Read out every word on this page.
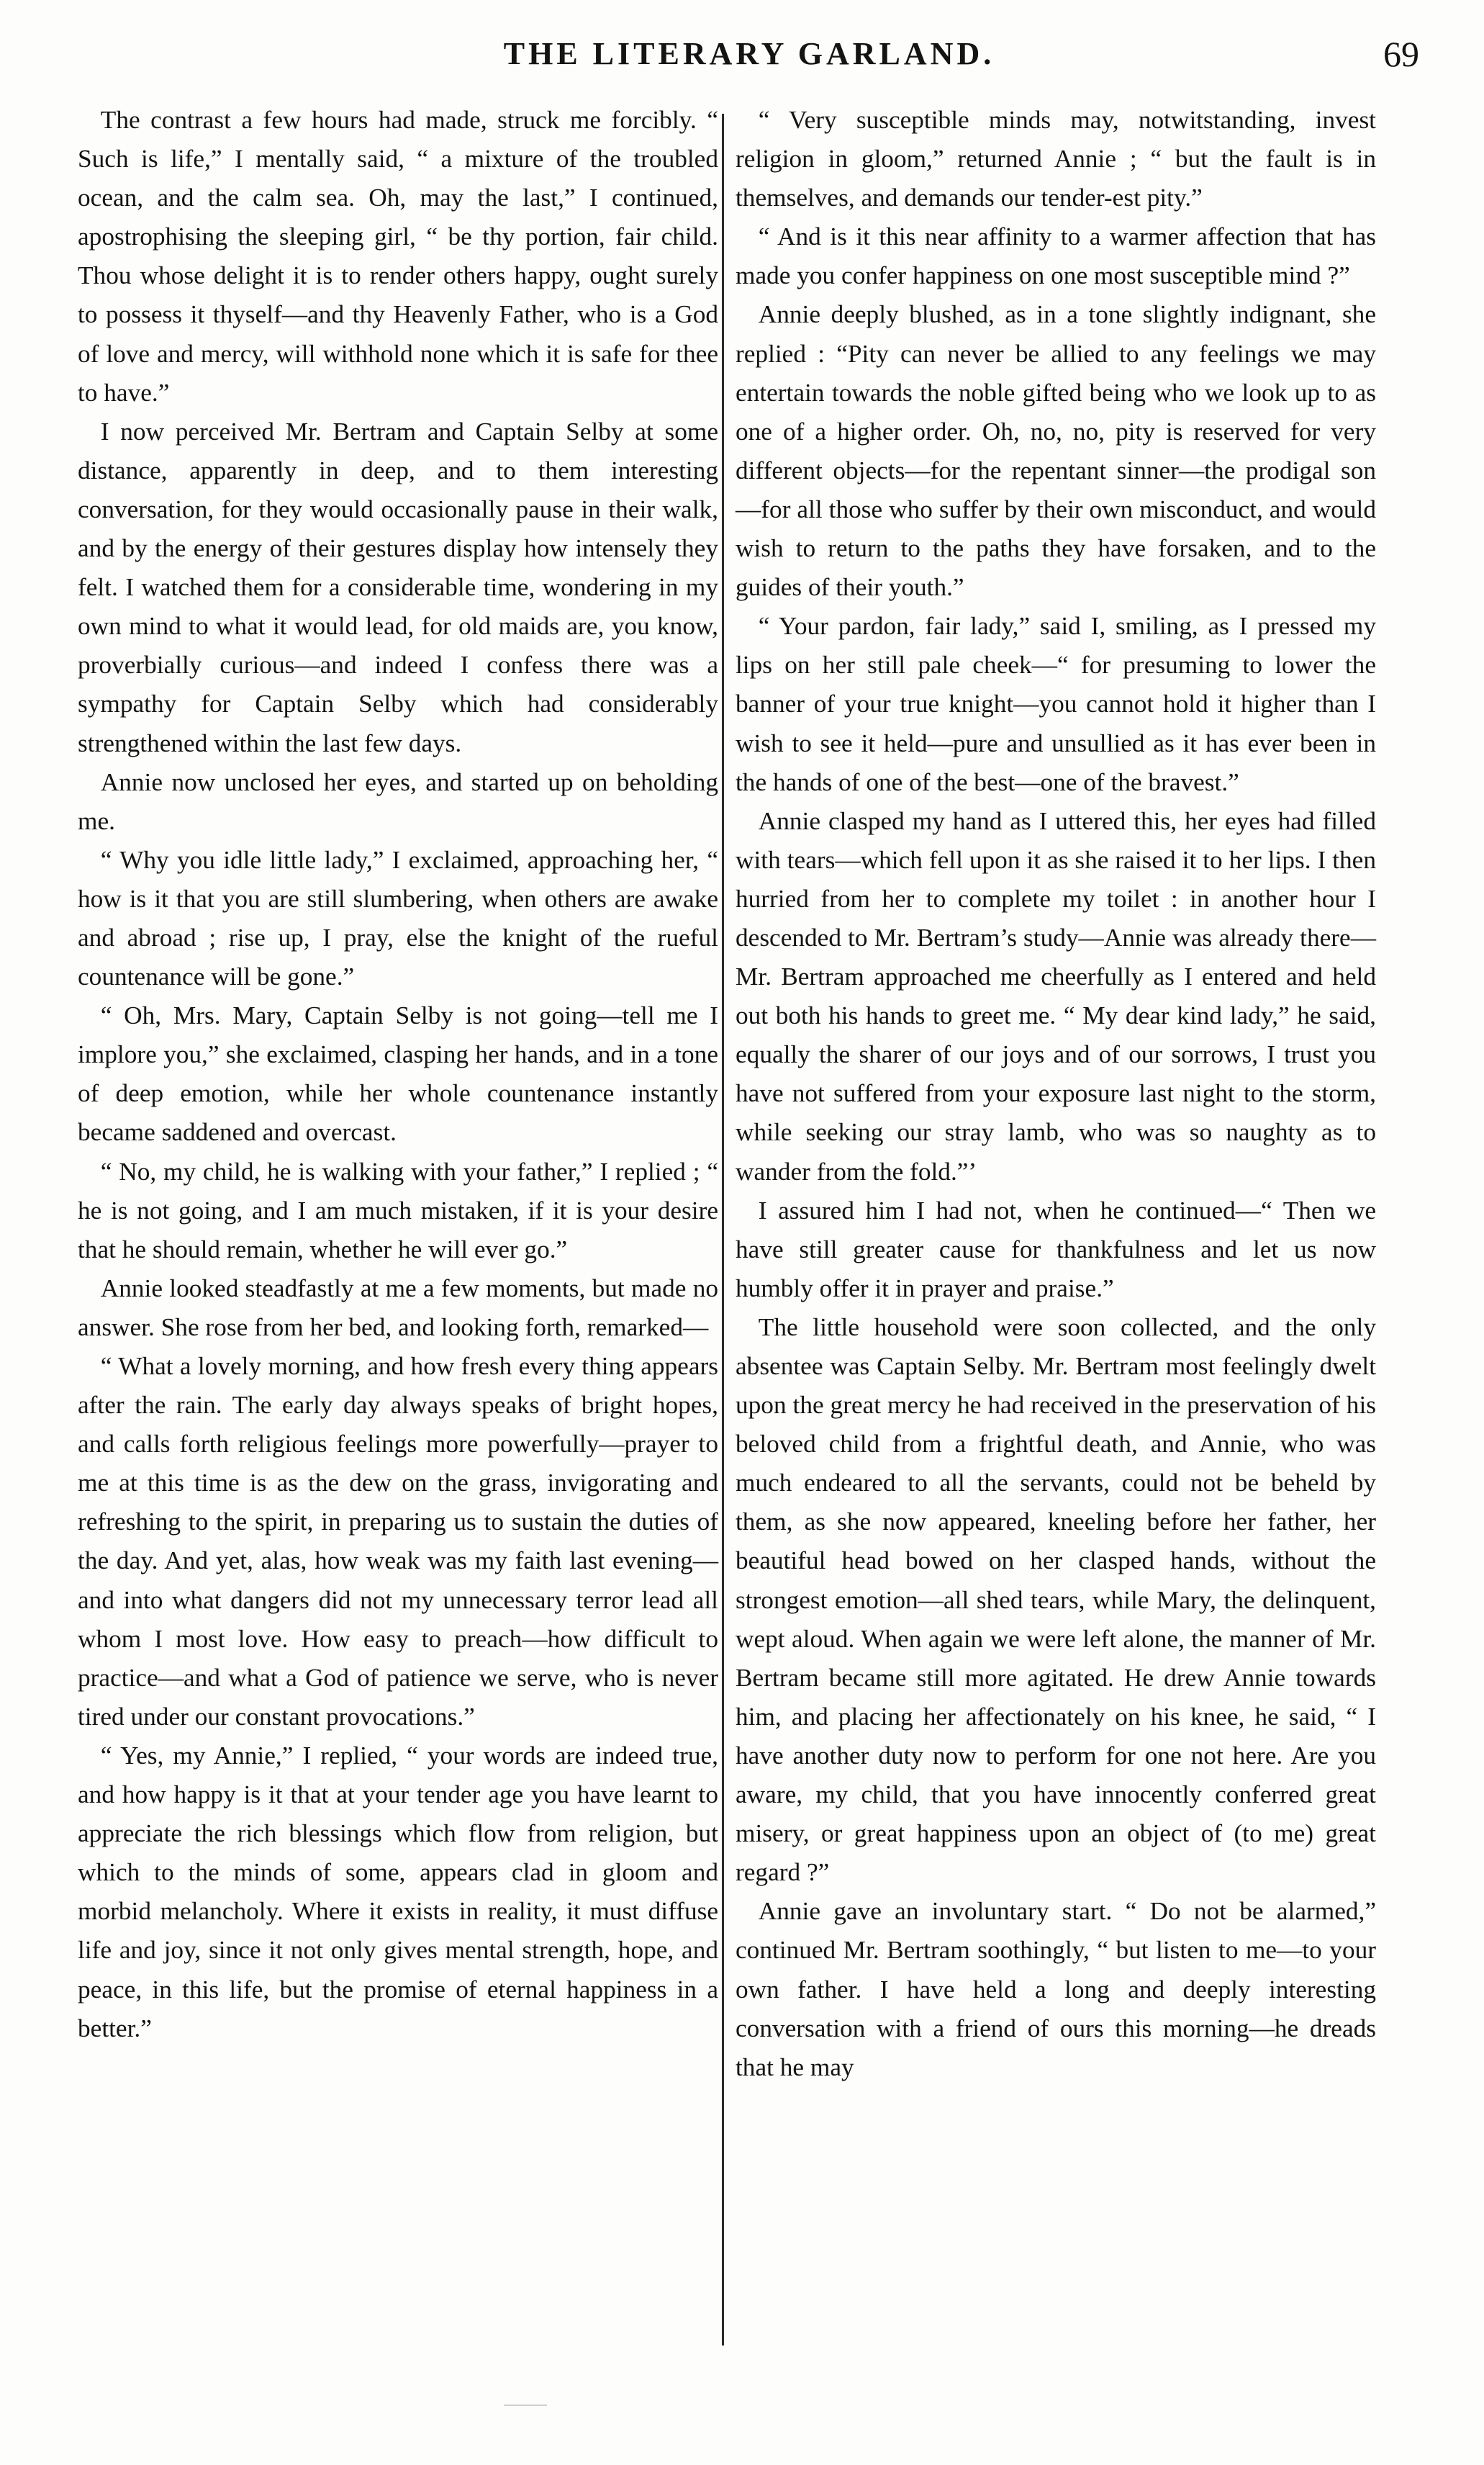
THE LITERARY GARLAND.	69

The contrast a few hours had made, struck me forcibly. “ Such is life,” I mentally said, “ a mixture of the troubled ocean, and the calm sea. Oh, may the last,” I continued, apostrophising the sleeping girl, “ be thy portion, fair child. Thou whose delight it is to render others happy, ought surely to possess it thyself—and thy Heavenly Father, who is a God of love and mercy, will withhold none which it is safe for thee to have.”

I now perceived Mr. Bertram and Captain Selby at some distance, apparently in deep, and to them interesting conversation, for they would occasionally pause in their walk, and by the energy of their gestures display how intensely they felt. I watched them for a considerable time, wondering in my own mind to what it would lead, for old maids are, you know, proverbially curious—and indeed I confess there was a sympathy for Captain Selby which had considerably strengthened within the last few days.

Annie now unclosed her eyes, and started up on beholding me.

“ Why you idle little lady,” I exclaimed, approaching her, “ how is it that you are still slumbering, when others are awake and abroad ; rise up, I pray, else the knight of the rueful countenance will be gone.”

“ Oh, Mrs. Mary, Captain Selby is not going—tell me I implore you,” she exclaimed, clasping her hands, and in a tone of deep emotion, while her whole countenance instantly became saddened and overcast.

“ No, my child, he is walking with your father,” I replied ; “ he is not going, and I am much mistaken, if it is your desire that he should remain, whether he will ever go.”

Annie looked steadfastly at me a few moments, but made no answer. She rose from her bed, and looking forth, remarked—

“ What a lovely morning, and how fresh every thing appears after the rain. The early day always speaks of bright hopes, and calls forth religious feelings more powerfully—prayer to me at this time is as the dew on the grass, invigorating and refreshing to the spirit, in preparing us to sustain the duties of the day. And yet, alas, how weak was my faith last evening—and into what dangers did not my unnecessary terror lead all whom I most love. How easy to preach—how difficult to practice—and what a God of patience we serve, who is never tired under our constant provocations.”

“ Yes, my Annie,” I replied, “ your words are indeed true, and how happy is it that at your tender age you have learnt to appreciate the rich blessings which flow from religion, but which to the minds of some, appears clad in gloom and morbid melancholy. Where it exists in reality, it must diffuse life and joy, since it not only gives mental strength, hope, and peace, in this life, but the promise of eternal happiness in a better.”

“ Very susceptible minds may, notwitstanding, invest religion in gloom,” returned Annie ; “ but the fault is in themselves, and demands our tender-est pity.”

“ And is it this near affinity to a warmer affection that has made you confer happiness on one most susceptible mind ?”

Annie deeply blushed, as in a tone slightly indignant, she replied : “Pity can never be allied to any feelings we may entertain towards the noble gifted being who we look up to as one of a higher order. Oh, no, no, pity is reserved for very different objects—for the repentant sinner—the prodigal son—for all those who suffer by their own misconduct, and would wish to return to the paths they have forsaken, and to the guides of their youth.”

“ Your pardon, fair lady,” said I, smiling, as I pressed my lips on her still pale cheek—“ for presuming to lower the banner of your true knight—you cannot hold it higher than I wish to see it held—pure and unsullied as it has ever been in the hands of one of the best—one of the bravest.”

Annie clasped my hand as I uttered this, her eyes had filled with tears—which fell upon it as she raised it to her lips. I then hurried from her to complete my toilet : in another hour I descended to Mr. Bertram’s study—Annie was already there—Mr. Bertram approached me cheerfully as I entered and held out both his hands to greet me. “ My dear kind lady,” he said, equally the sharer of our joys and of our sorrows, I trust you have not suffered from your exposure last night to the storm, while seeking our stray lamb, who was so naughty as to wander from the fold.”’

I assured him I had not, when he continued—“ Then we have still greater cause for thankfulness and let us now humbly offer it in prayer and praise.”

The little household were soon collected, and the only absentee was Captain Selby. Mr. Bertram most feelingly dwelt upon the great mercy he had received in the preservation of his beloved child from a frightful death, and Annie, who was much endeared to all the servants, could not be beheld by them, as she now appeared, kneeling before her father, her beautiful head bowed on her clasped hands, without the strongest emotion—all shed tears, while Mary, the delinquent, wept aloud. When again we were left alone, the manner of Mr. Bertram became still more agitated. He drew Annie towards him, and placing her affectionately on his knee, he said, “ I have another duty now to perform for one not here. Are you aware, my child, that you have innocently conferred great misery, or great happiness upon an object of (to me) great regard ?”

Annie gave an involuntary start. “ Do not be alarmed,” continued Mr. Bertram soothingly, “ but listen to me—to your own father. I have held a long and deeply interesting conversation with a friend of ours this morning—he dreads that he may
